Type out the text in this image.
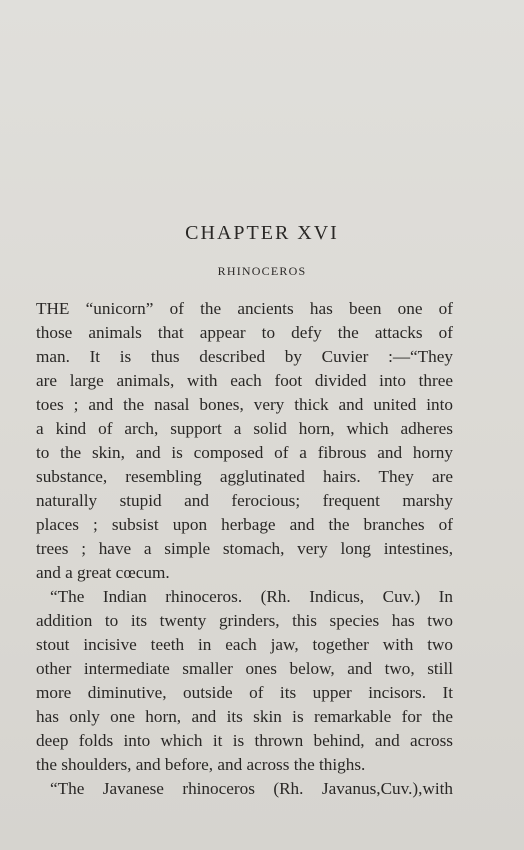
CHAPTER XVI
RHINOCEROS
THE “unicorn” of the ancients has been one of
those animals that appear to defy the attacks of
man. It is thus described by Cuvier :—“They
are large animals, with each foot divided into three
toes ; and the nasal bones, very thick and united into
a kind of arch, support a solid horn, which adheres
to the skin, and is composed of a fibrous and horny
substance, resembling agglutinated hairs. They are
naturally stupid and ferocious; frequent marshy
places ; subsist upon herbage and the branches of
trees ; have a simple stomach, very long intestines,
and a great cœcum.
“The Indian rhinoceros. (Rh. Indicus, Cuv.) In
addition to its twenty grinders, this species has two
stout incisive teeth in each jaw, together with two
other intermediate smaller ones below, and two, still
more diminutive, outside of its upper incisors. It
has only one horn, and its skin is remarkable for the
deep folds into which it is thrown behind, and across
the shoulders, and before, and across the thighs.
“The Javanese rhinoceros (Rh. Javanus,Cuv.),with
